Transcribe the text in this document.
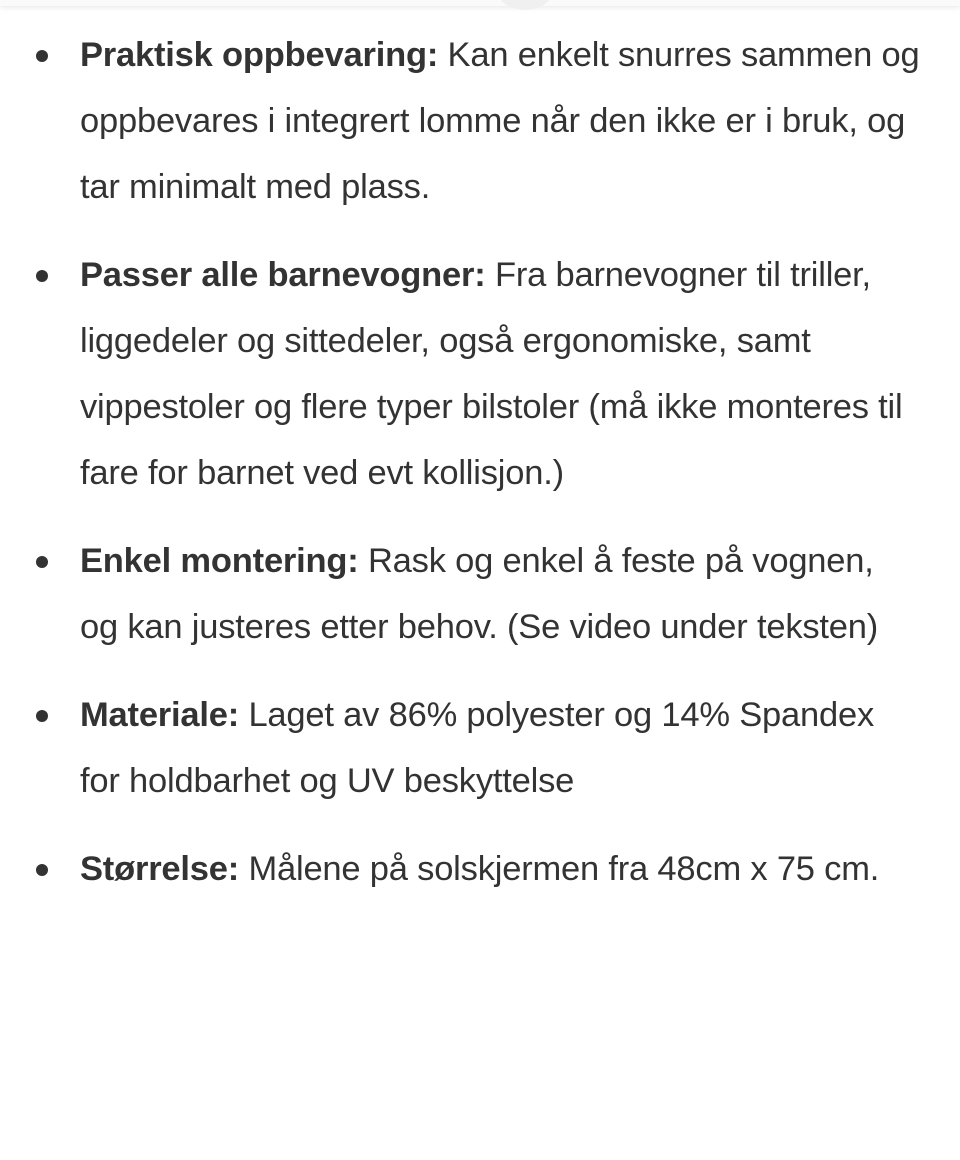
Praktisk oppbevaring: Kan enkelt snurres sammen og oppbevares i integrert lomme når den ikke er i bruk, og tar minimalt med plass.
Passer alle barnevogner: Fra barnevogner til triller, liggedeler og sittedeler, også ergonomiske, samt vippestoler og flere typer bilstoler (må ikke monteres til fare for barnet ved evt kollisjon.)
Enkel montering: Rask og enkel å feste på vognen, og kan justeres etter behov. (Se video under teksten)
Materiale: Laget av 86% polyester og 14% Spandex for holdbarhet og UV beskyttelse
Størrelse: Målene på solskjermen fra 48cm x 75 cm.
